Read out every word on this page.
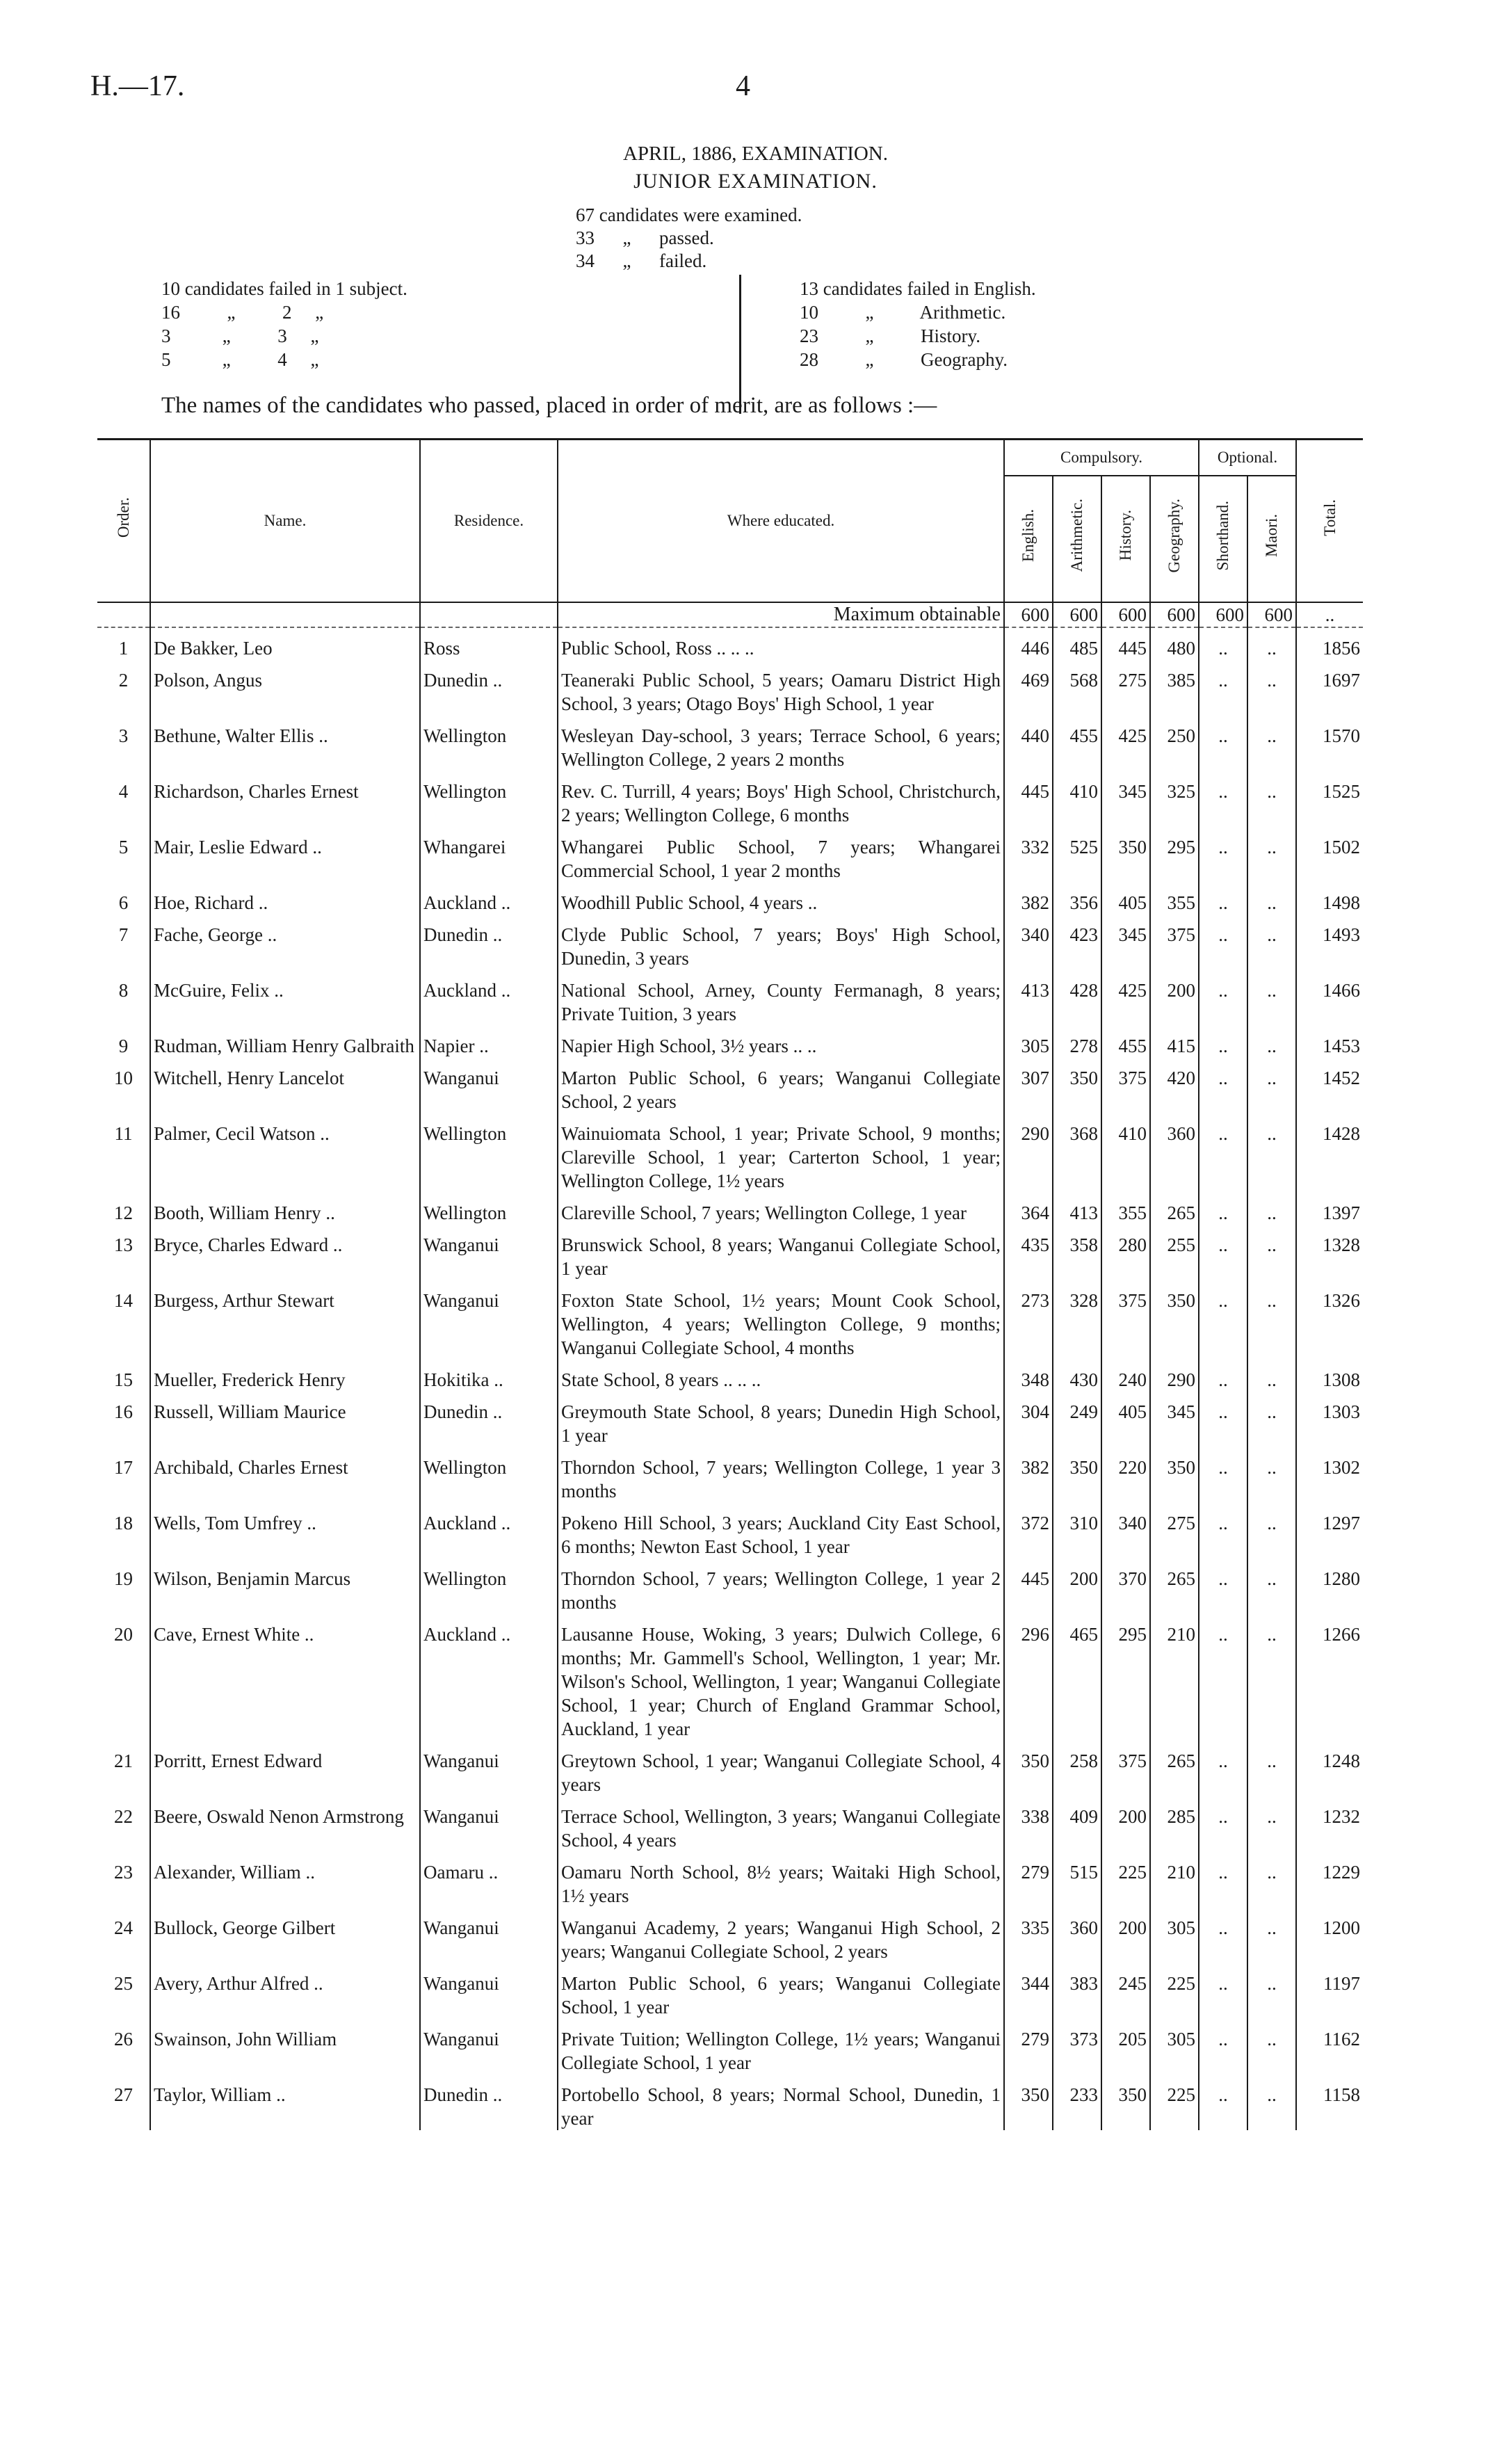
H.—17.	4
APRIL, 1886, EXAMINATION.
JUNIOR EXAMINATION.
67 candidates were examined.
33      „      passed.
34      „      failed.
10 candidates failed in 1 subject.
16          „          2     „
3           „          3     „
5           „          4     „
13 candidates failed in English.
10          „          Arithmetic.
23          „          History.
28          „          Geography.
The names of the candidates who passed, placed in order of merit, are as follows :—
Order.	Name.	Residence.	Where educated.	Compulsory.				Optional.		Total.
				English.	Arithmetic.	History.	Geography.	Shorthand.	Maori.	
			Maximum obtainable	600	600	600	600	600	600	..
1	De Bakker, Leo	Ross	Public School, Ross .. .. ..	446	485	445	480	..	..	1856
2	Polson, Angus	Dunedin ..	Teaneraki Public School, 5 years; Oamaru District High School, 3 years; Otago Boys' High School, 1 year	469	568	275	385	..	..	1697
3	Bethune, Walter Ellis ..	Wellington	Wesleyan Day-school, 3 years; Terrace School, 6 years; Wellington College, 2 years 2 months	440	455	425	250	..	..	1570
4	Richardson, Charles Ernest	Wellington	Rev. C. Turrill, 4 years; Boys' High School, Christchurch, 2 years; Wellington College, 6 months	445	410	345	325	..	..	1525
5	Mair, Leslie Edward ..	Whangarei	Whangarei Public School, 7 years; Whangarei Commercial School, 1 year 2 months	332	525	350	295	..	..	1502
6	Hoe, Richard ..	Auckland ..	Woodhill Public School, 4 years ..	382	356	405	355	..	..	1498
7	Fache, George ..	Dunedin ..	Clyde Public School, 7 years; Boys' High School, Dunedin, 3 years	340	423	345	375	..	..	1493
8	McGuire, Felix ..	Auckland ..	National School, Arney, County Fermanagh, 8 years; Private Tuition, 3 years	413	428	425	200	..	..	1466
9	Rudman, William Henry Galbraith	Napier ..	Napier High School, 3½ years .. ..	305	278	455	415	..	..	1453
10	Witchell, Henry Lancelot	Wanganui	Marton Public School, 6 years; Wanganui Collegiate School, 2 years	307	350	375	420	..	..	1452
11	Palmer, Cecil Watson ..	Wellington	Wainuiomata School, 1 year; Private School, 9 months; Clareville School, 1 year; Carterton School, 1 year; Wellington College, 1½ years	290	368	410	360	..	..	1428
12	Booth, William Henry ..	Wellington	Clareville School, 7 years; Wellington College, 1 year	364	413	355	265	..	..	1397
13	Bryce, Charles Edward ..	Wanganui	Brunswick School, 8 years; Wanganui Collegiate School, 1 year	435	358	280	255	..	..	1328
14	Burgess, Arthur Stewart	Wanganui	Foxton State School, 1½ years; Mount Cook School, Wellington, 4 years; Wellington College, 9 months; Wanganui Collegiate School, 4 months	273	328	375	350	..	..	1326
15	Mueller, Frederick Henry	Hokitika ..	State School, 8 years .. .. ..	348	430	240	290	..	..	1308
16	Russell, William Maurice	Dunedin ..	Greymouth State School, 8 years; Dunedin High School, 1 year	304	249	405	345	..	..	1303
17	Archibald, Charles Ernest	Wellington	Thorndon School, 7 years; Wellington College, 1 year 3 months	382	350	220	350	..	..	1302
18	Wells, Tom Umfrey ..	Auckland ..	Pokeno Hill School, 3 years; Auckland City East School, 6 months; Newton East School, 1 year	372	310	340	275	..	..	1297
19	Wilson, Benjamin Marcus	Wellington	Thorndon School, 7 years; Wellington College, 1 year 2 months	445	200	370	265	..	..	1280
20	Cave, Ernest White ..	Auckland ..	Lausanne House, Woking, 3 years; Dulwich College, 6 months; Mr. Gammell's School, Wellington, 1 year; Mr. Wilson's School, Wellington, 1 year; Wanganui Collegiate School, 1 year; Church of England Grammar School, Auckland, 1 year	296	465	295	210	..	..	1266
21	Porritt, Ernest Edward	Wanganui	Greytown School, 1 year; Wanganui Collegiate School, 4 years	350	258	375	265	..	..	1248
22	Beere, Oswald Nenon Armstrong	Wanganui	Terrace School, Wellington, 3 years; Wanganui Collegiate School, 4 years	338	409	200	285	..	..	1232
23	Alexander, William ..	Oamaru ..	Oamaru North School, 8½ years; Waitaki High School, 1½ years	279	515	225	210	..	..	1229
24	Bullock, George Gilbert	Wanganui	Wanganui Academy, 2 years; Wanganui High School, 2 years; Wanganui Collegiate School, 2 years	335	360	200	305	..	..	1200
25	Avery, Arthur Alfred ..	Wanganui	Marton Public School, 6 years; Wanganui Collegiate School, 1 year	344	383	245	225	..	..	1197
26	Swainson, John William	Wanganui	Private Tuition; Wellington College, 1½ years; Wanganui Collegiate School, 1 year	279	373	205	305	..	..	1162
27	Taylor, William ..	Dunedin ..	Portobello School, 8 years; Normal School, Dunedin, 1 year	350	233	350	225	..	..	1158
